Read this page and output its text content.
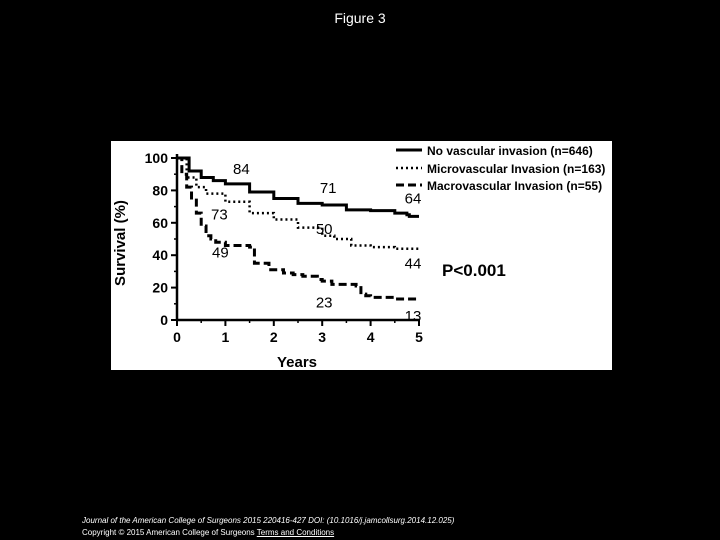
Figure 3
0
20
40
60
80
100
0	1	2	3	4	5
Years
Survival (%)
84
71
64
73
50
44
49
23
13
No vascular invasion (n=646)
Microvascular Invasion (n=163)
Macrovascular Invasion (n=55)
P<0.001
Journal of the American College of Surgeons 2015 220416-427 DOI: (10.1016/j.jamcollsurg.2014.12.025)
Copyright © 2015 American College of Surgeons Terms and Conditions
